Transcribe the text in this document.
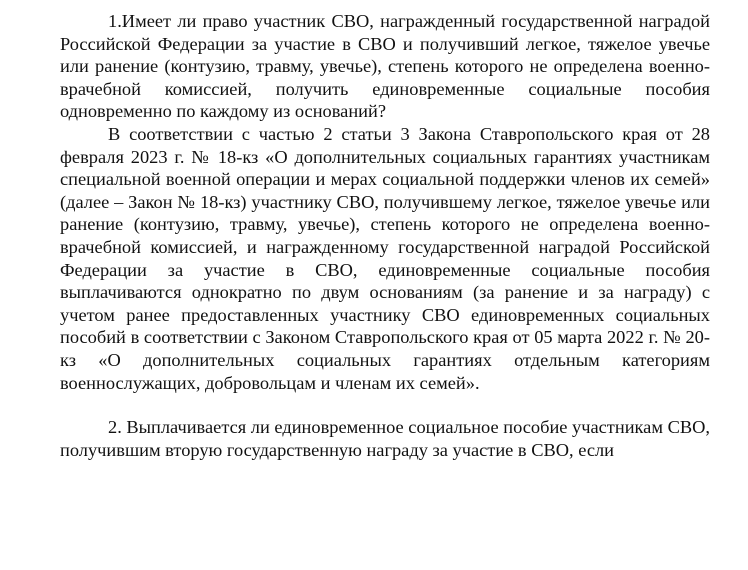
1.Имеет ли право участник СВО, награжденный государственной наградой Российской Федерации за участие в СВО и получивший легкое, тяжелое увечье или ранение (контузию, травму, увечье), степень которого не определена военно-врачебной комиссией, получить единовременные социальные пособия одновременно по каждому из оснований?

В соответствии с частью 2 статьи 3 Закона Ставропольского края от 28 февраля 2023 г. № 18-кз «О дополнительных социальных гарантиях участникам специальной военной операции и мерах социальной поддержки членов их семей» (далее – Закон № 18-кз) участнику СВО, получившему легкое, тяжелое увечье или ранение (контузию, травму, увечье), степень которого не определена военно-врачебной комиссией, и награжденному государственной наградой Российской Федерации за участие в СВО, единовременные социальные пособия выплачиваются однократно по двум основаниям (за ранение и за награду) с учетом ранее предоставленных участнику СВО единовременных социальных пособий в соответствии с Законом Ставропольского края от 05 марта 2022 г. № 20-кз «О дополнительных социальных гарантиях отдельным категориям военнослужащих, добровольцам и членам их семей».

2. Выплачивается ли единовременное социальное пособие участникам СВО, получившим вторую государственную награду за участие в СВО, если
